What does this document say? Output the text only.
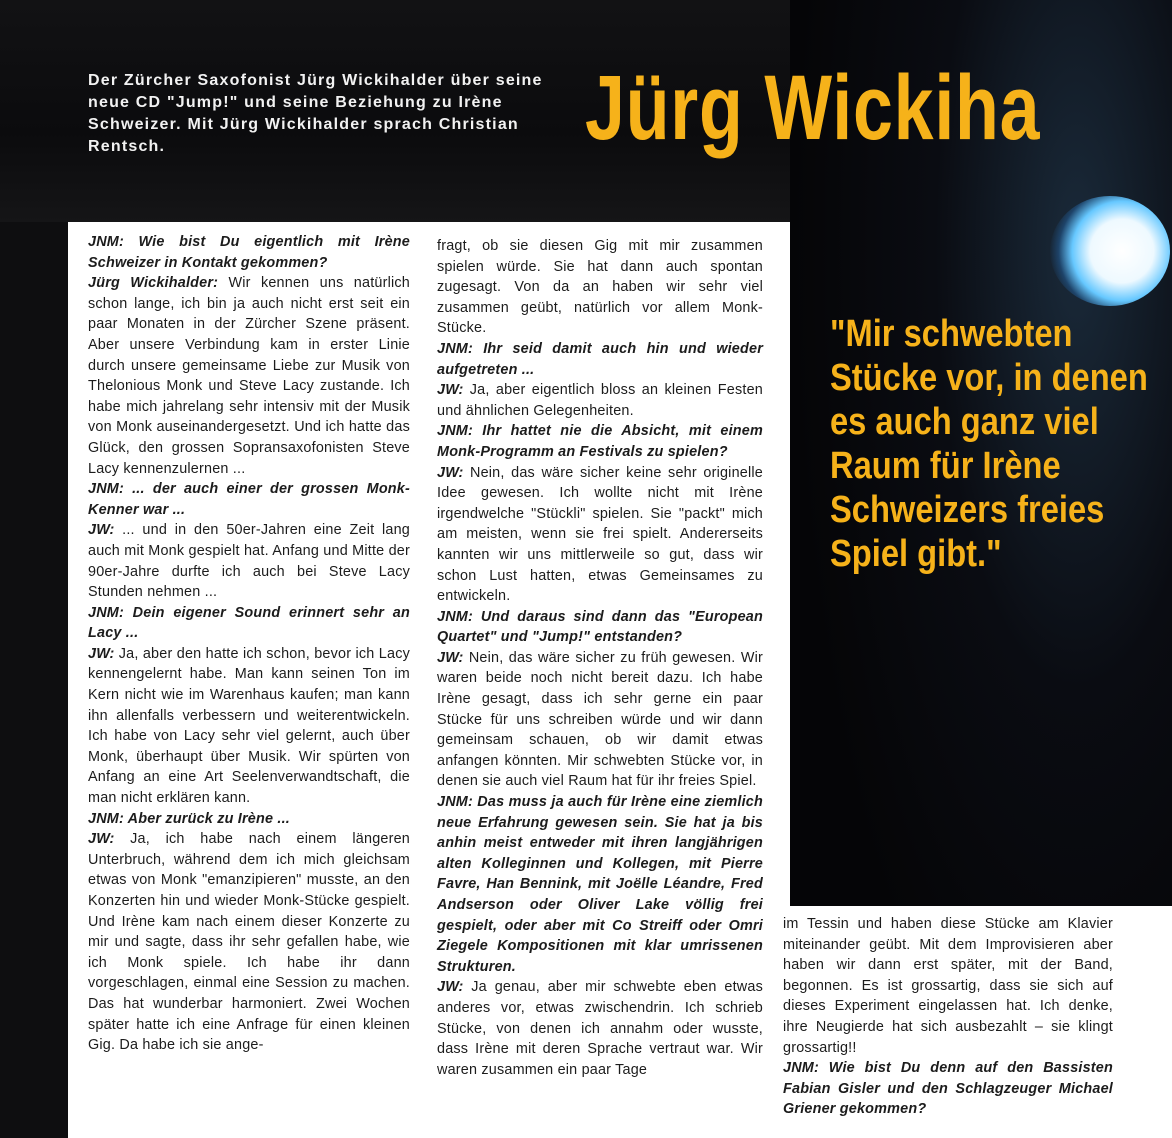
Der Zürcher Saxofonist Jürg Wickihalder über seine neue CD "Jump!" und seine Beziehung zu Irène Schweizer. Mit Jürg Wickihalder sprach Christian Rentsch.	Jürg Wickiha

JNM: Wie bist Du eigentlich mit Irène Schweizer in Kontakt gekommen?

Jürg Wickihalder: Wir kennen uns natürlich schon lange, ich bin ja auch nicht erst seit ein paar Monaten in der Zürcher Szene präsent. Aber unsere Verbindung kam in erster Linie durch unsere gemeinsame Liebe zur Musik von Thelonious Monk und Steve Lacy zustande. Ich habe mich jahrelang sehr intensiv mit der Musik von Monk auseinandergesetzt. Und ich hatte das Glück, den grossen Sopransaxofonisten Steve Lacy kennenzulernen ...

JNM: ... der auch einer der grossen Monk-Kenner war ...

JW: ... und in den 50er-Jahren eine Zeit lang auch mit Monk gespielt hat. Anfang und Mitte der 90er-Jahre durfte ich auch bei Steve Lacy Stunden nehmen ...

JNM: Dein eigener Sound erinnert sehr an Lacy ...

JW: Ja, aber den hatte ich schon, bevor ich Lacy kennengelernt habe. Man kann seinen Ton im Kern nicht wie im Warenhaus kaufen; man kann ihn allenfalls verbessern und weiterentwickeln. Ich habe von Lacy sehr viel gelernt, auch über Monk, überhaupt über Musik. Wir spürten von Anfang an eine Art Seelenverwandtschaft, die man nicht erklären kann.

JNM: Aber zurück zu Irène ...

JW: Ja, ich habe nach einem längeren Unterbruch, während dem ich mich gleichsam etwas von Monk "emanzipieren" musste, an den Konzerten hin und wieder Monk-Stücke gespielt. Und Irène kam nach einem dieser Konzerte zu mir und sagte, dass ihr sehr gefallen habe, wie ich Monk spiele. Ich habe ihr dann vorgeschlagen, einmal eine Session zu machen. Das hat wunderbar harmoniert. Zwei Wochen später hatte ich eine Anfrage für einen kleinen Gig. Da habe ich sie ange-

fragt, ob sie diesen Gig mit mir zusammen spielen würde. Sie hat dann auch spontan zugesagt. Von da an haben wir sehr viel zusammen geübt, natürlich vor allem Monk-Stücke.

JNM: Ihr seid damit auch hin und wieder aufgetreten ...

JW: Ja, aber eigentlich bloss an kleinen Festen und ähnlichen Gelegenheiten.

JNM: Ihr hattet nie die Absicht, mit einem Monk-Programm an Festivals zu spielen?

JW: Nein, das wäre sicher keine sehr originelle Idee gewesen. Ich wollte nicht mit Irène irgendwelche "Stückli" spielen. Sie "packt" mich am meisten, wenn sie frei spielt. Andererseits kannten wir uns mittlerweile so gut, dass wir schon Lust hatten, etwas Gemeinsames zu entwickeln.

JNM: Und daraus sind dann das "European Quartet" und "Jump!" entstanden?

JW: Nein, das wäre sicher zu früh gewesen. Wir waren beide noch nicht bereit dazu. Ich habe Irène gesagt, dass ich sehr gerne ein paar Stücke für uns schreiben würde und wir dann gemeinsam schauen, ob wir damit etwas anfangen könnten. Mir schwebten Stücke vor, in denen sie auch viel Raum hat für ihr freies Spiel.

JNM: Das muss ja auch für Irène eine ziemlich neue Erfahrung gewesen sein. Sie hat ja bis anhin meist entweder mit ihren langjährigen alten Kolleginnen und Kollegen, mit Pierre Favre, Han Bennink, mit Joëlle Léandre, Fred Andserson oder Oliver Lake völlig frei gespielt, oder aber mit Co Streiff oder Omri Ziegele Kompositionen mit klar umrissenen Strukturen.

JW: Ja genau, aber mir schwebte eben etwas anderes vor, etwas zwischendrin. Ich schrieb Stücke, von denen ich annahm oder wusste, dass Irène mit deren Sprache vertraut war. Wir waren zusammen ein paar Tage

im Tessin und haben diese Stücke am Klavier miteinander geübt. Mit dem Improvisieren aber haben wir dann erst später, mit der Band, begonnen. Es ist grossartig, dass sie sich auf dieses Experiment eingelassen hat. Ich denke, ihre Neugierde hat sich ausbezahlt – sie klingt grossartig!!

JNM: Wie bist Du denn auf den Bassisten Fabian Gisler und den Schlagzeuger Michael Griener gekommen?

"Mir schwebten
Stücke vor, in denen
es auch ganz viel
Raum für Irène
Schweizers freies
Spiel gibt."
